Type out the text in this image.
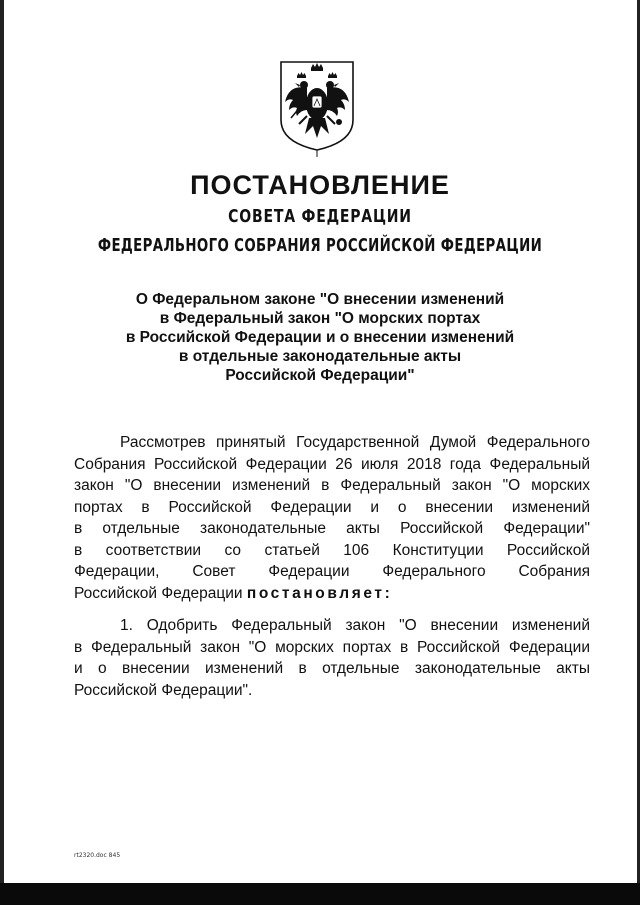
ПОСТАНОВЛЕНИЕ
СОВЕТА ФЕДЕРАЦИИ
ФЕДЕРАЛЬНОГО СОБРАНИЯ РОССИЙСКОЙ ФЕДЕРАЦИИ
О Федеральном законе "О внесении изменений
в Федеральный закон "О морских портах
в Российской Федерации и о внесении изменений
в отдельные законодательные акты
Российской Федерации"
Рассмотрев принятый Государственной Думой Федерального
Собрания Российской Федерации 26 июля 2018 года Федеральный
закон "О внесении изменений в Федеральный закон "О морских
портах в Российской Федерации и о внесении изменений
в отдельные законодательные акты Российской Федерации"
в соответствии со статьей 106 Конституции Российской
Федерации, Совет Федерации Федерального Собрания
Российской Федерации постановляет:
1. Одобрить Федеральный закон "О внесении изменений
в Федеральный закон "О морских портах в Российской Федерации
и о внесении изменений в отдельные законодательные акты
Российской Федерации".
rt2320.doc 845
